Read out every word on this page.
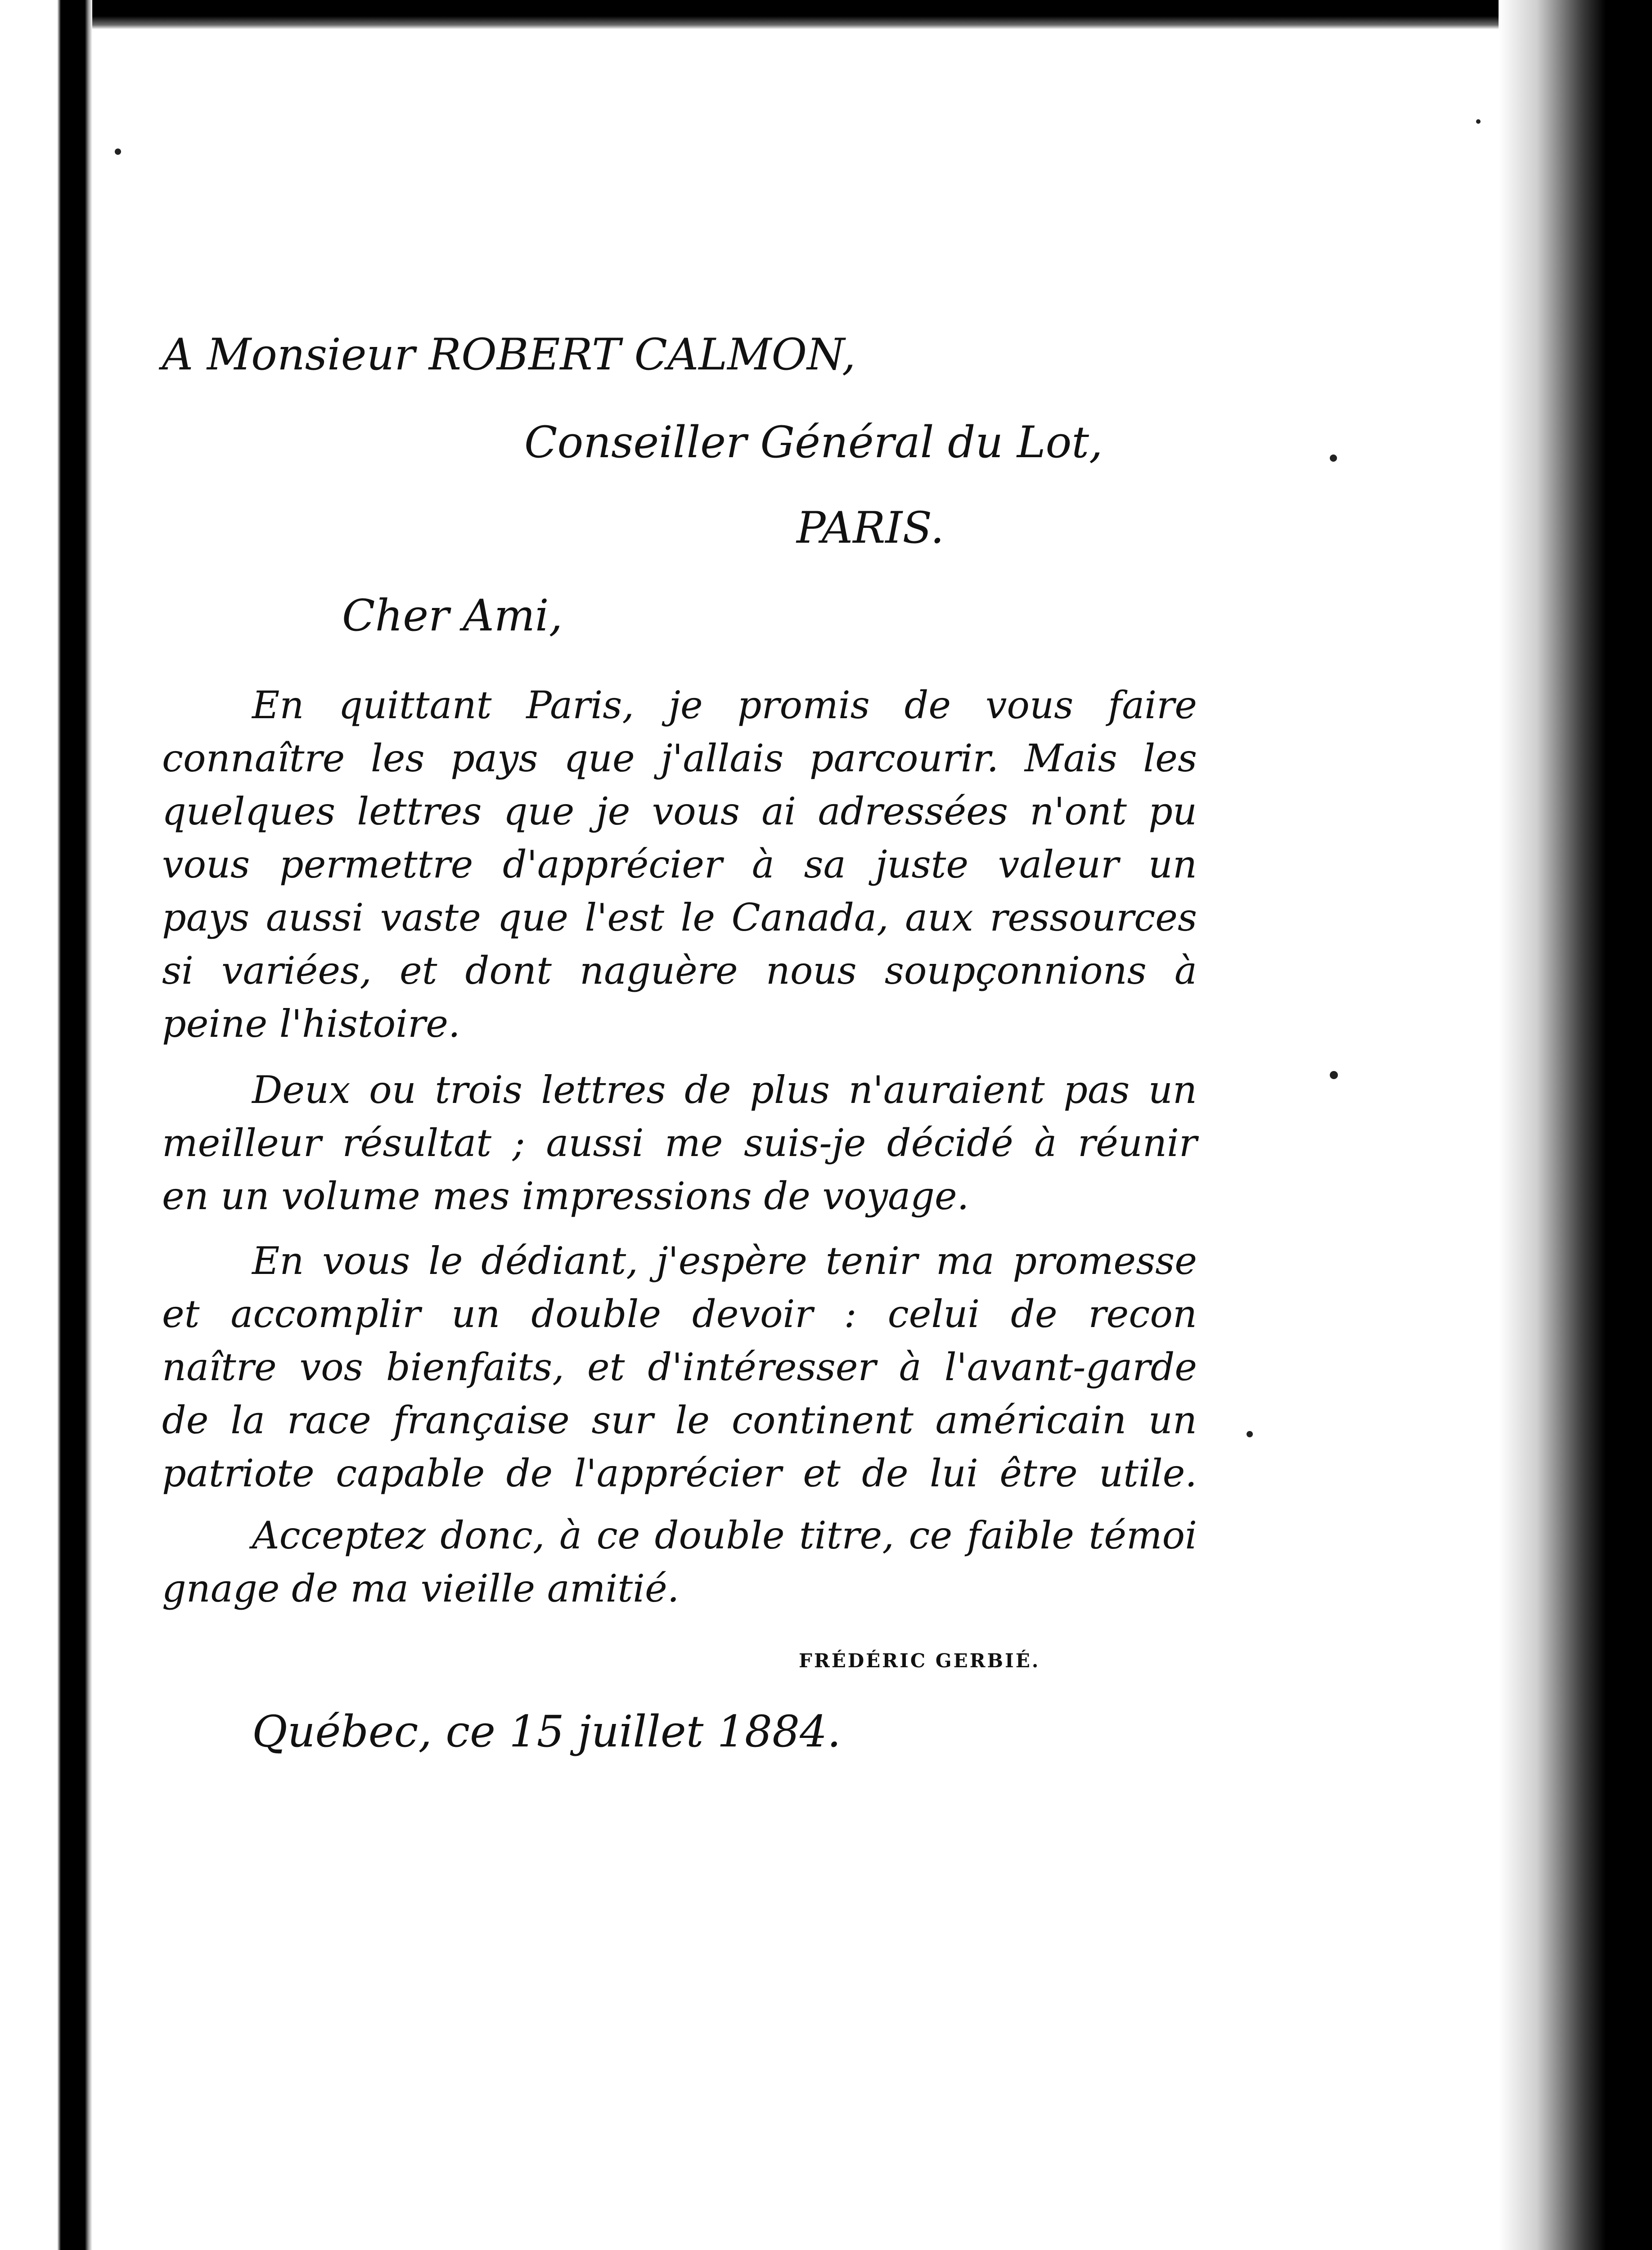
A Monsieur ROBERT CALMON,
Conseiller Général du Lot,
PARIS.
Cher Ami,
En quittant Paris, je promis de vous faire
connaître les pays que j'allais parcourir. Mais les
quelques lettres que je vous ai adressées n'ont pu
vous permettre d'apprécier à sa juste valeur un
pays aussi vaste que l'est le Canada, aux ressources
si variées, et dont naguère nous soupçonnions à
peine l'histoire.
Deux ou trois lettres de plus n'auraient pas un
meilleur résultat ; aussi me suis-je décidé à réunir
en un volume mes impressions de voyage.
En vous le dédiant, j'espère tenir ma promesse
et accomplir un double devoir : celui de recon
naître vos bienfaits, et d'intéresser à l'avant-garde
de la race française sur le continent américain un
patriote capable de l'apprécier et de lui être utile.
Acceptez donc, à ce double titre, ce faible témoi
gnage de ma vieille amitié.
FRÉDÉRIC GERBIÉ.
Québec, ce 15 juillet 1884.
